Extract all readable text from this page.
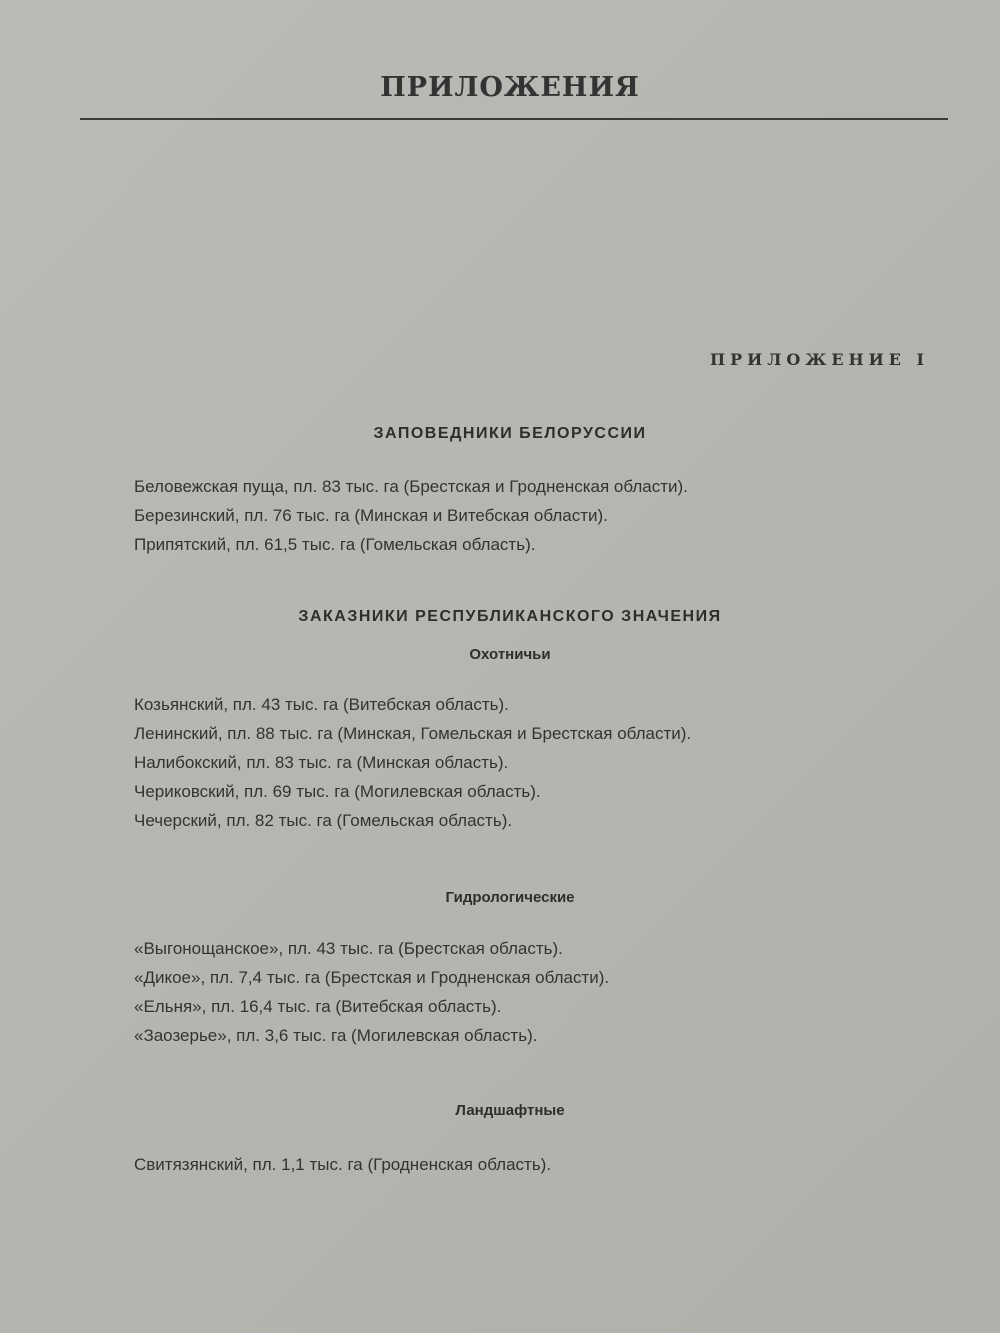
ПРИЛОЖЕНИЯ
ПРИЛОЖЕНИЕ I
ЗАПОВЕДНИКИ БЕЛОРУССИИ
Беловежская пуща, пл. 83 тыс. га (Брестская и Гродненская области).
Березинский, пл. 76 тыс. га (Минская и Витебская области).
Припятский, пл. 61,5 тыс. га (Гомельская область).
ЗАКАЗНИКИ РЕСПУБЛИКАНСКОГО ЗНАЧЕНИЯ
Охотничьи
Козьянский, пл. 43 тыс. га (Витебская область).
Ленинский, пл. 88 тыс. га (Минская, Гомельская и Брестская области).
Налибокский, пл. 83 тыс. га (Минская область).
Чериковский, пл. 69 тыс. га (Могилевская область).
Чечерский, пл. 82 тыс. га (Гомельская область).
Гидрологические
«Выгонощанское», пл. 43 тыс. га (Брестская область).
«Дикое», пл. 7,4 тыс. га (Брестская и Гродненская области).
«Ельня», пл. 16,4 тыс. га (Витебская область).
«Заозерье», пл. 3,6 тыс. га (Могилевская область).
Ландшафтные
Свитязянский, пл. 1,1 тыс. га (Гродненская область).
